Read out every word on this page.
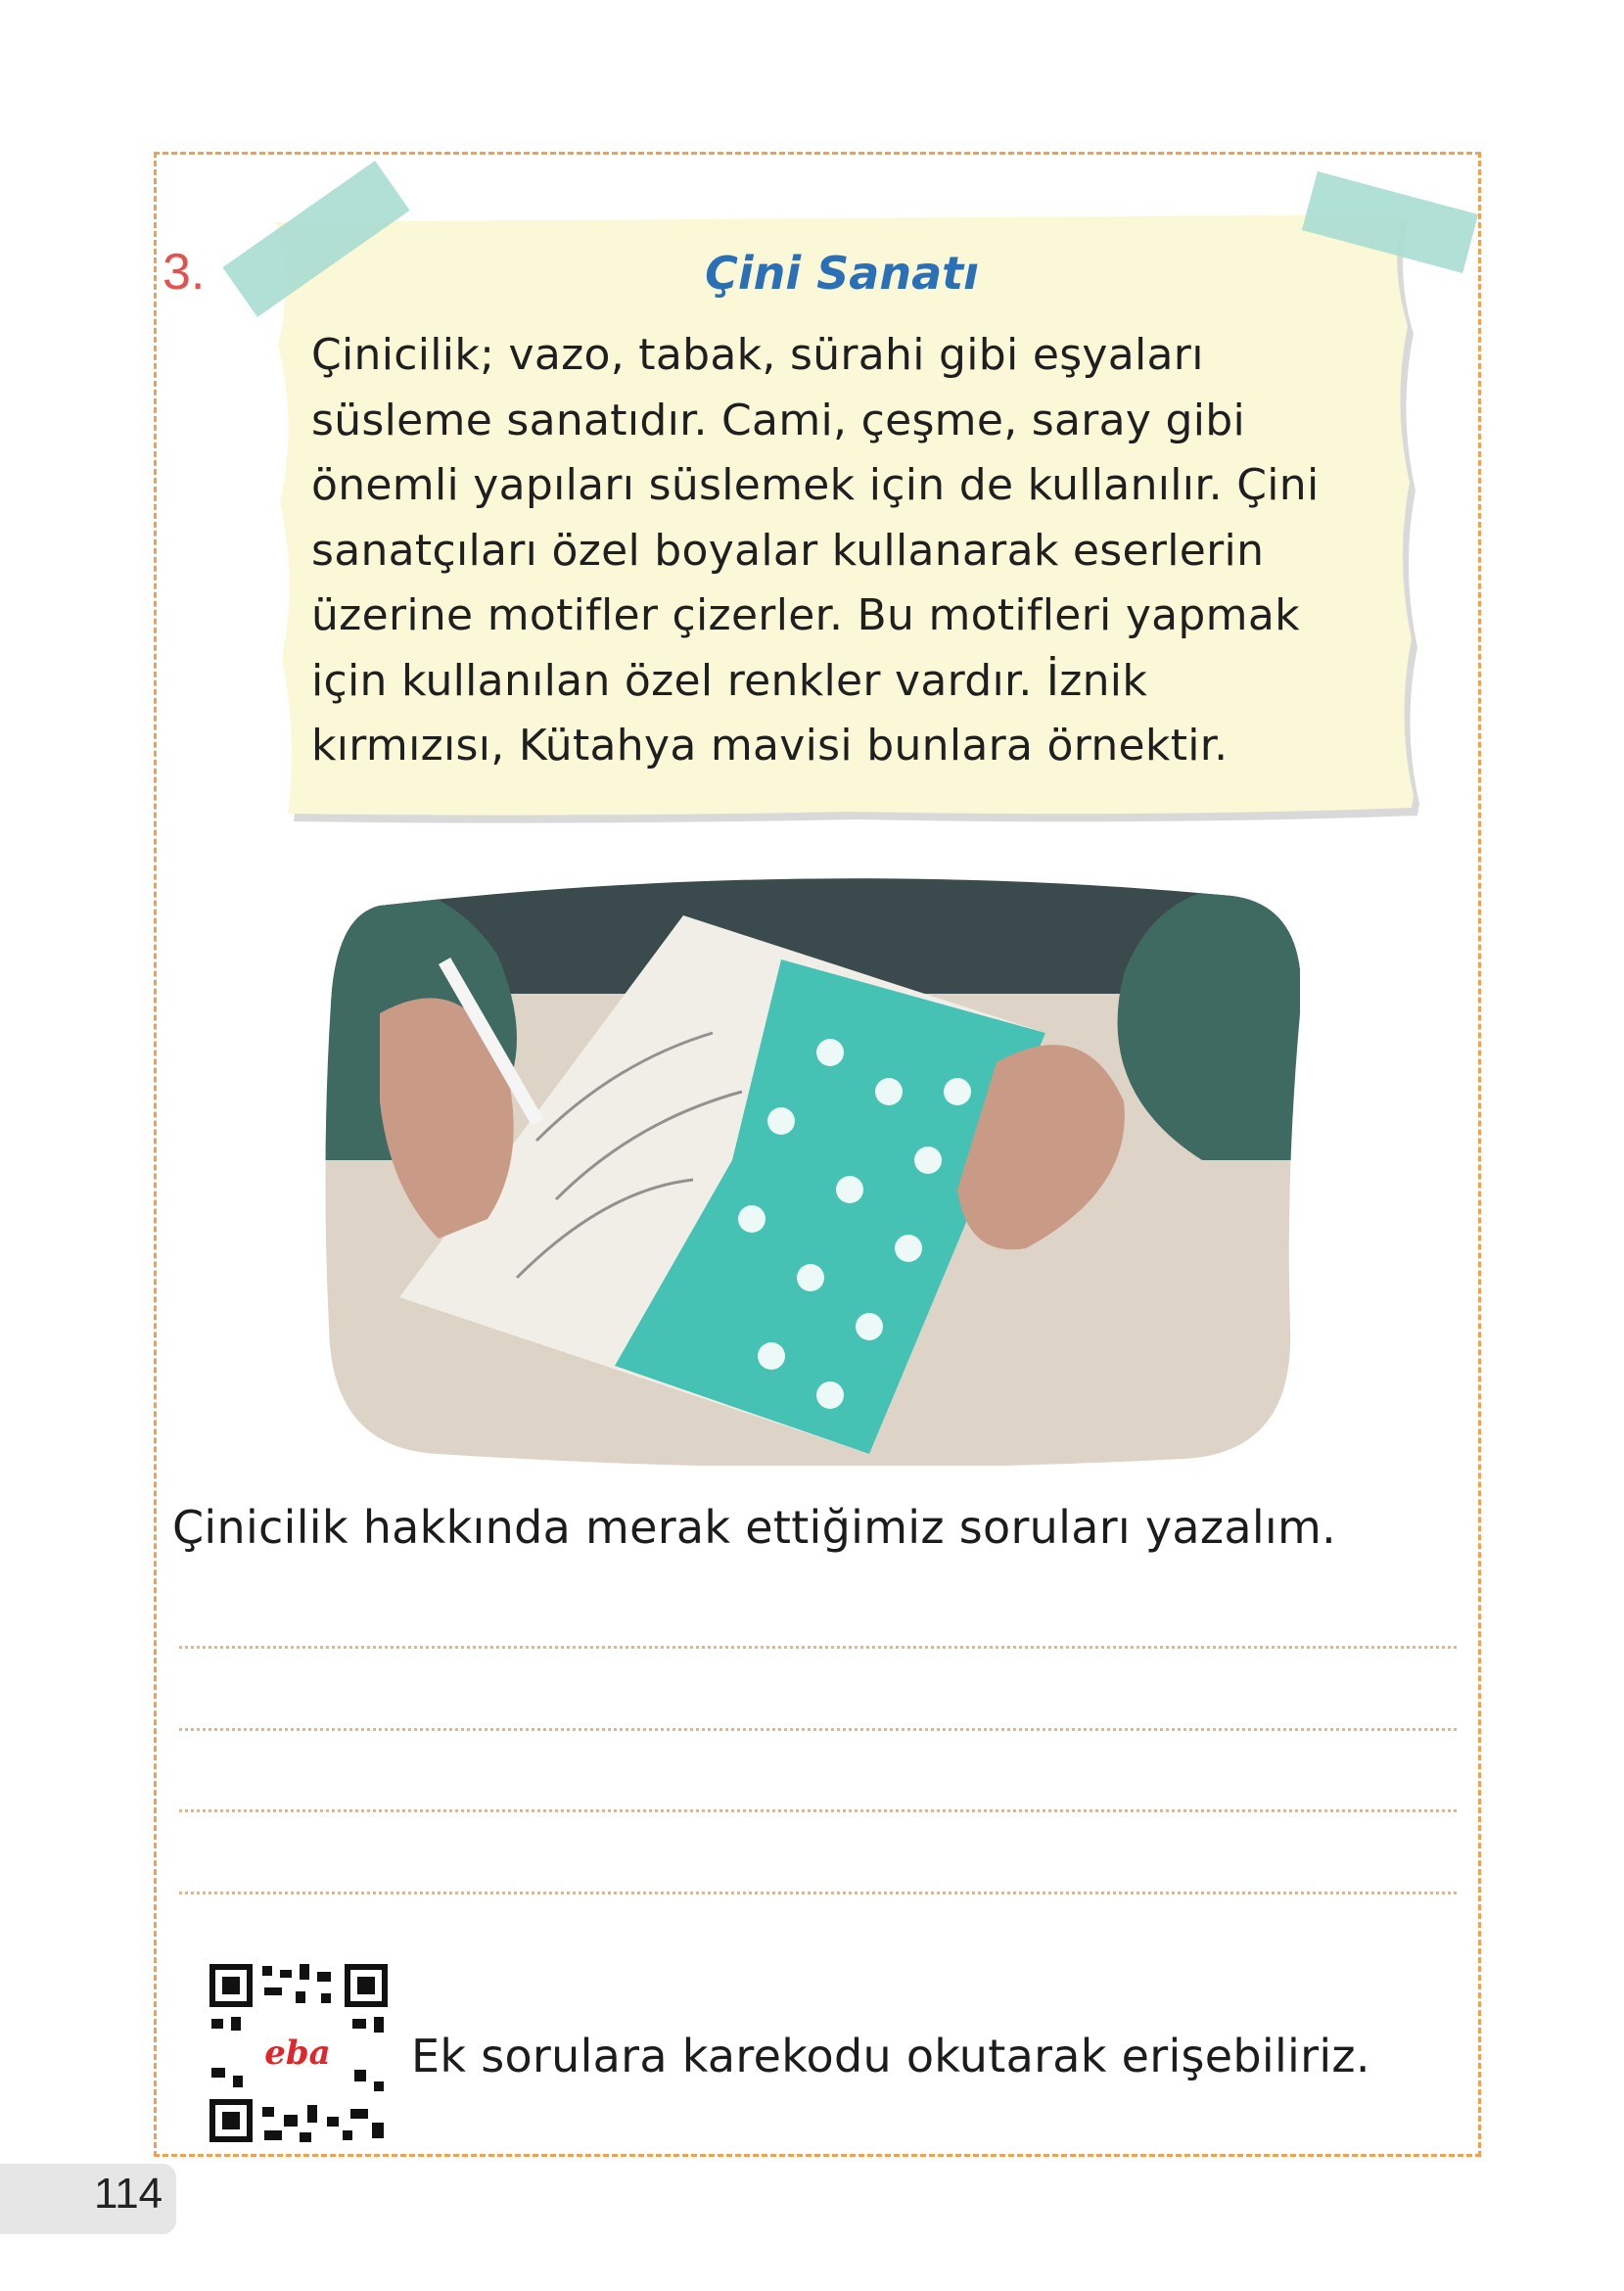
3.	Çini Sanatı
Çinicilik; vazo, tabak, sürahi gibi eşyaları
süsleme sanatıdır. Cami, çeşme, saray gibi
önemli yapıları süslemek için de kullanılır. Çini
sanatçıları özel boyalar kullanarak eserlerin
üzerine motifler çizerler. Bu motifleri yapmak
için kullanılan özel renkler vardır. İznik
kırmızısı, Kütahya mavisi bunlara örnektir.
Çinicilik hakkında merak ettiğimiz soruları yazalım.
eba Ek sorulara karekodu okutarak erişebiliriz.
114
